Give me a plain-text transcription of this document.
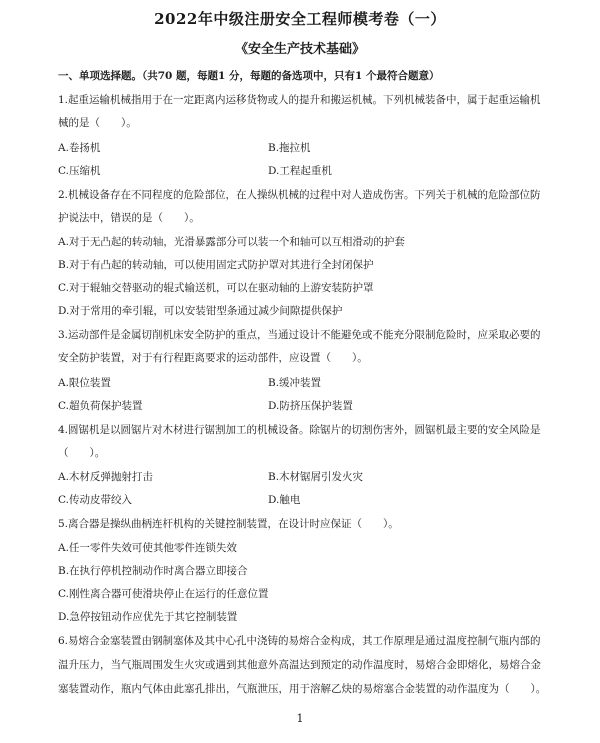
2022年中级注册安全工程师模考卷（一）
《安全生产技术基础》
一、单项选择题。（共70 题，每题1 分，每题的备选项中，只有1 个最符合题意）
1.起重运输机械指用于在一定距离内运移货物或人的提升和搬运机械。下列机械装备中，属于起重运输机
械的是（　　）。
A.卷扬机	B.拖拉机
C.压缩机	D.工程起重机
2.机械设备存在不同程度的危险部位，在人操纵机械的过程中对人造成伤害。下列关于机械的危险部位防
护说法中，错误的是（　　）。
A.对于无凸起的转动轴，光滑暴露部分可以装一个和轴可以互相滑动的护套
B.对于有凸起的转动轴，可以使用固定式防护罩对其进行全封闭保护
C.对于辊轴交替驱动的辊式输送机，可以在驱动轴的上游安装防护罩
D.对于常用的牵引辊，可以安装钳型条通过减少间隙提供保护
3.运动部件是金属切削机床安全防护的重点，当通过设计不能避免或不能充分限制危险时，应采取必要的
安全防护装置，对于有行程距离要求的运动部件，应设置（　　）。
A.限位装置	B.缓冲装置
C.超负荷保护装置	D.防挤压保护装置
4.圆锯机是以圆锯片对木材进行锯割加工的机械设备。除锯片的切割伤害外，圆锯机最主要的安全风险是
（　　）。
A.木材反弹抛射打击	B.木材锯屑引发火灾
C.传动皮带绞入	D.触电
5.离合器是操纵曲柄连杆机构的关键控制装置，在设计时应保证（　　）。
A.任一零件失效可使其他零件连锁失效
B.在执行停机控制动作时离合器立即接合
C.刚性离合器可使滑块停止在运行的任意位置
D.急停按钮动作应优先于其它控制装置
6.易熔合金塞装置由钢制塞体及其中心孔中浇铸的易熔合金构成，其工作原理是通过温度控制气瓶内部的
温升压力，当气瓶周围发生火灾或遇到其他意外高温达到预定的动作温度时，易熔合金即熔化，易熔合金
塞装置动作，瓶内气体由此塞孔排出，气瓶泄压，用于溶解乙炔的易熔塞合金装置的动作温度为（　　）。
1
